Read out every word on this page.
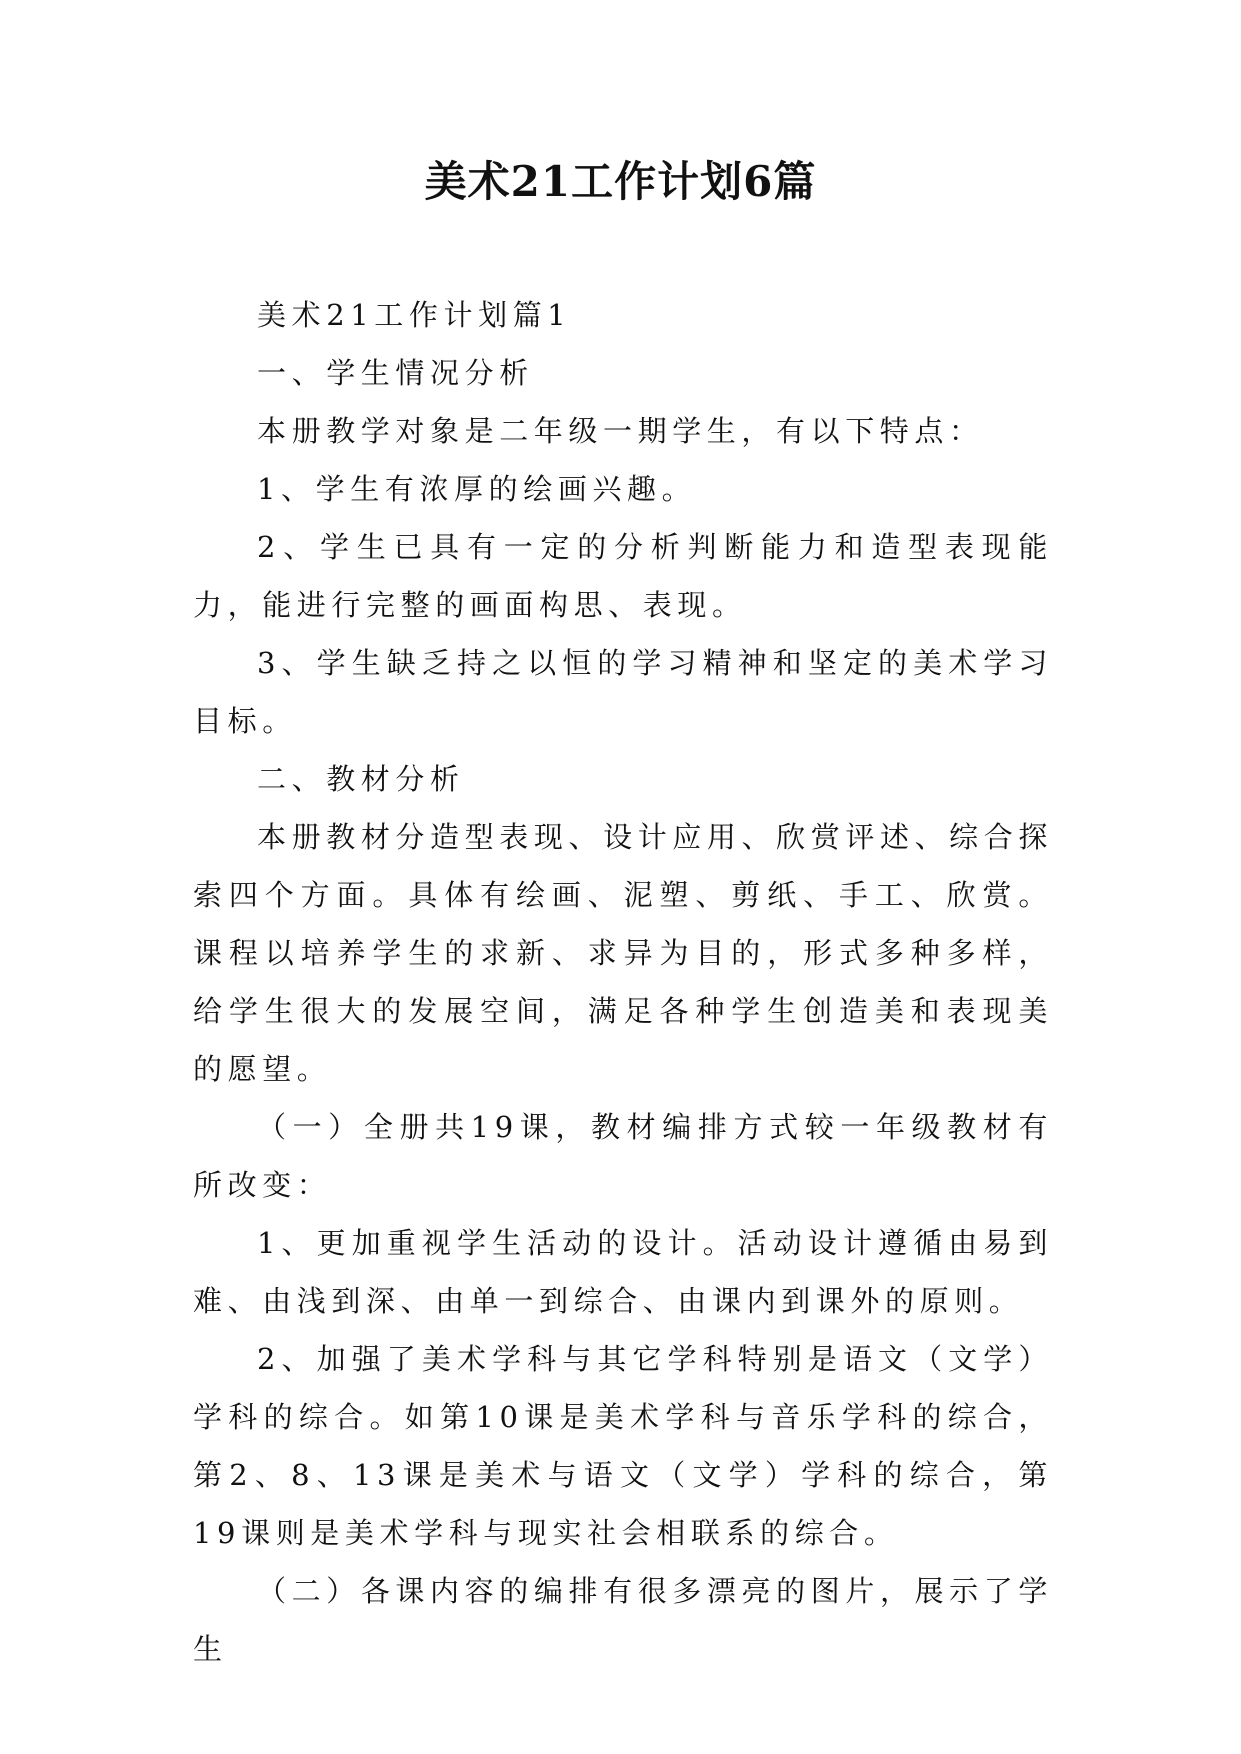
美术21工作计划6篇

美术21工作计划篇1

一、学生情况分析

本册教学对象是二年级一期学生，有以下特点：

1、学生有浓厚的绘画兴趣。

2、学生已具有一定的分析判断能力和造型表现能力，能进行完整的画面构思、表现。

3、学生缺乏持之以恒的学习精神和坚定的美术学习目标。

二、教材分析

本册教材分造型表现、设计应用、欣赏评述、综合探索四个方面。具体有绘画、泥塑、剪纸、手工、欣赏。课程以培养学生的求新、求异为目的，形式多种多样，给学生很大的发展空间，满足各种学生创造美和表现美的愿望。

（一）全册共19课，教材编排方式较一年级教材有所改变：

1、更加重视学生活动的设计。活动设计遵循由易到难、由浅到深、由单一到综合、由课内到课外的原则。

2、加强了美术学科与其它学科特别是语文（文学）学科的综合。如第10课是美术学科与音乐学科的综合，第2、8、13课是美术与语文（文学）学科的综合，第19课则是美术学科与现实社会相联系的综合。

（二）各课内容的编排有很多漂亮的图片，展示了学生
